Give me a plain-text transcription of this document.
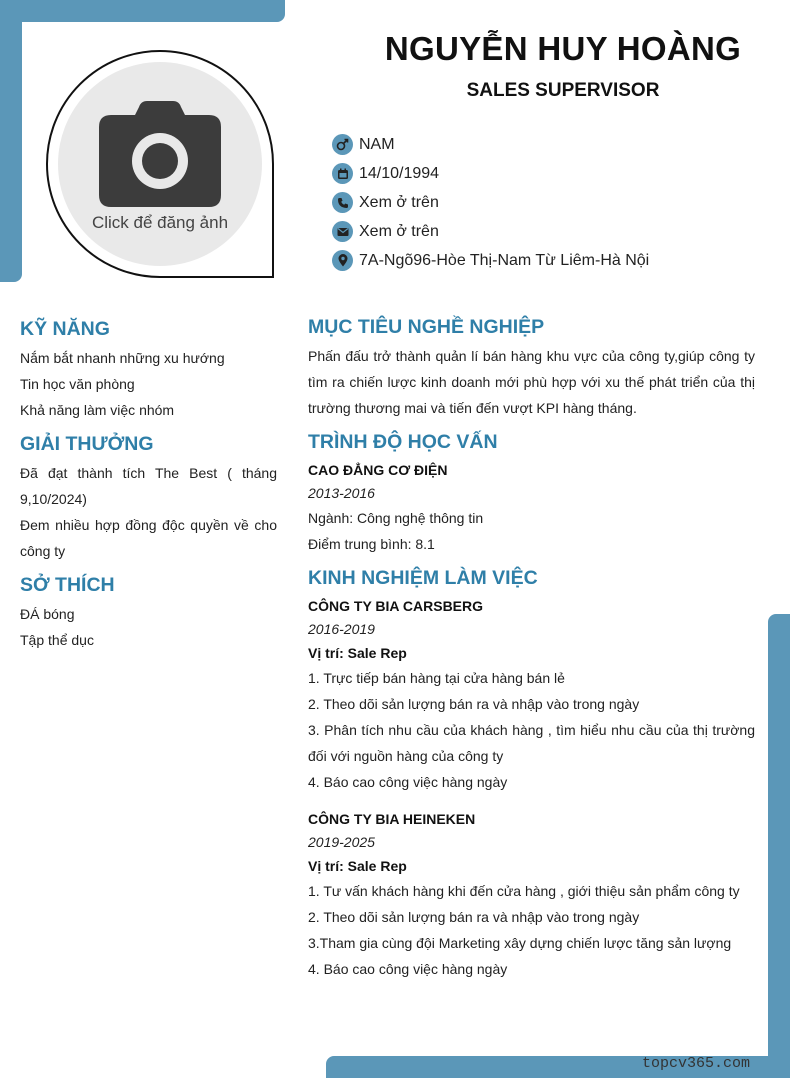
Click để đăng ảnh
NGUYỄN HUY HOÀNG
SALES SUPERVISOR
NAM
14/10/1994
Xem ở trên
Xem ở trên
7A-Ngõ96-Hòe Thị-Nam Từ Liêm-Hà Nội
KỸ NĂNG
Nắm bắt nhanh những xu hướng
Tin học văn phòng
Khả năng làm việc nhóm
GIẢI THƯỞNG
Đã đạt thành tích The Best ( tháng 9,10/2024)
Đem nhiều hợp đồng độc quyền về cho công ty
SỞ THÍCH
ĐÁ bóng
Tập thể dục
MỤC TIÊU NGHỀ NGHIỆP
Phấn đấu trở thành quản lí bán hàng khu vực của công ty,giúp công ty tìm ra chiến lược kinh doanh mới phù hợp với xu thế phát triển của thị trường thương mai và tiến đến vượt KPI hàng tháng.
TRÌNH ĐỘ HỌC VẤN
CAO ĐẲNG CƠ ĐIỆN
2013-2016
Ngành: Công nghệ thông tin
Điểm trung bình: 8.1
KINH NGHIỆM LÀM VIỆC
CÔNG TY BIA CARSBERG
2016-2019
Vị trí: Sale Rep
1. Trực tiếp bán hàng tại cửa hàng bán lẻ
2. Theo dõi sản lượng bán ra và nhập vào trong ngày
3. Phân tích nhu cầu của khách hàng , tìm hiểu nhu cầu của thị trường đối với nguồn hàng của công ty
4. Báo cao công việc hàng ngày
CÔNG TY BIA HEINEKEN
2019-2025
Vị trí: Sale Rep
1. Tư vấn khách hàng khi đến cửa hàng , giới thiệu sản phẩm công ty
2. Theo dõi sản lượng bán ra và nhập vào trong ngày
3.Tham gia cùng đội Marketing xây dựng chiến lược tăng sản lượng
4. Báo cao công việc hàng ngày
topcv365.com
